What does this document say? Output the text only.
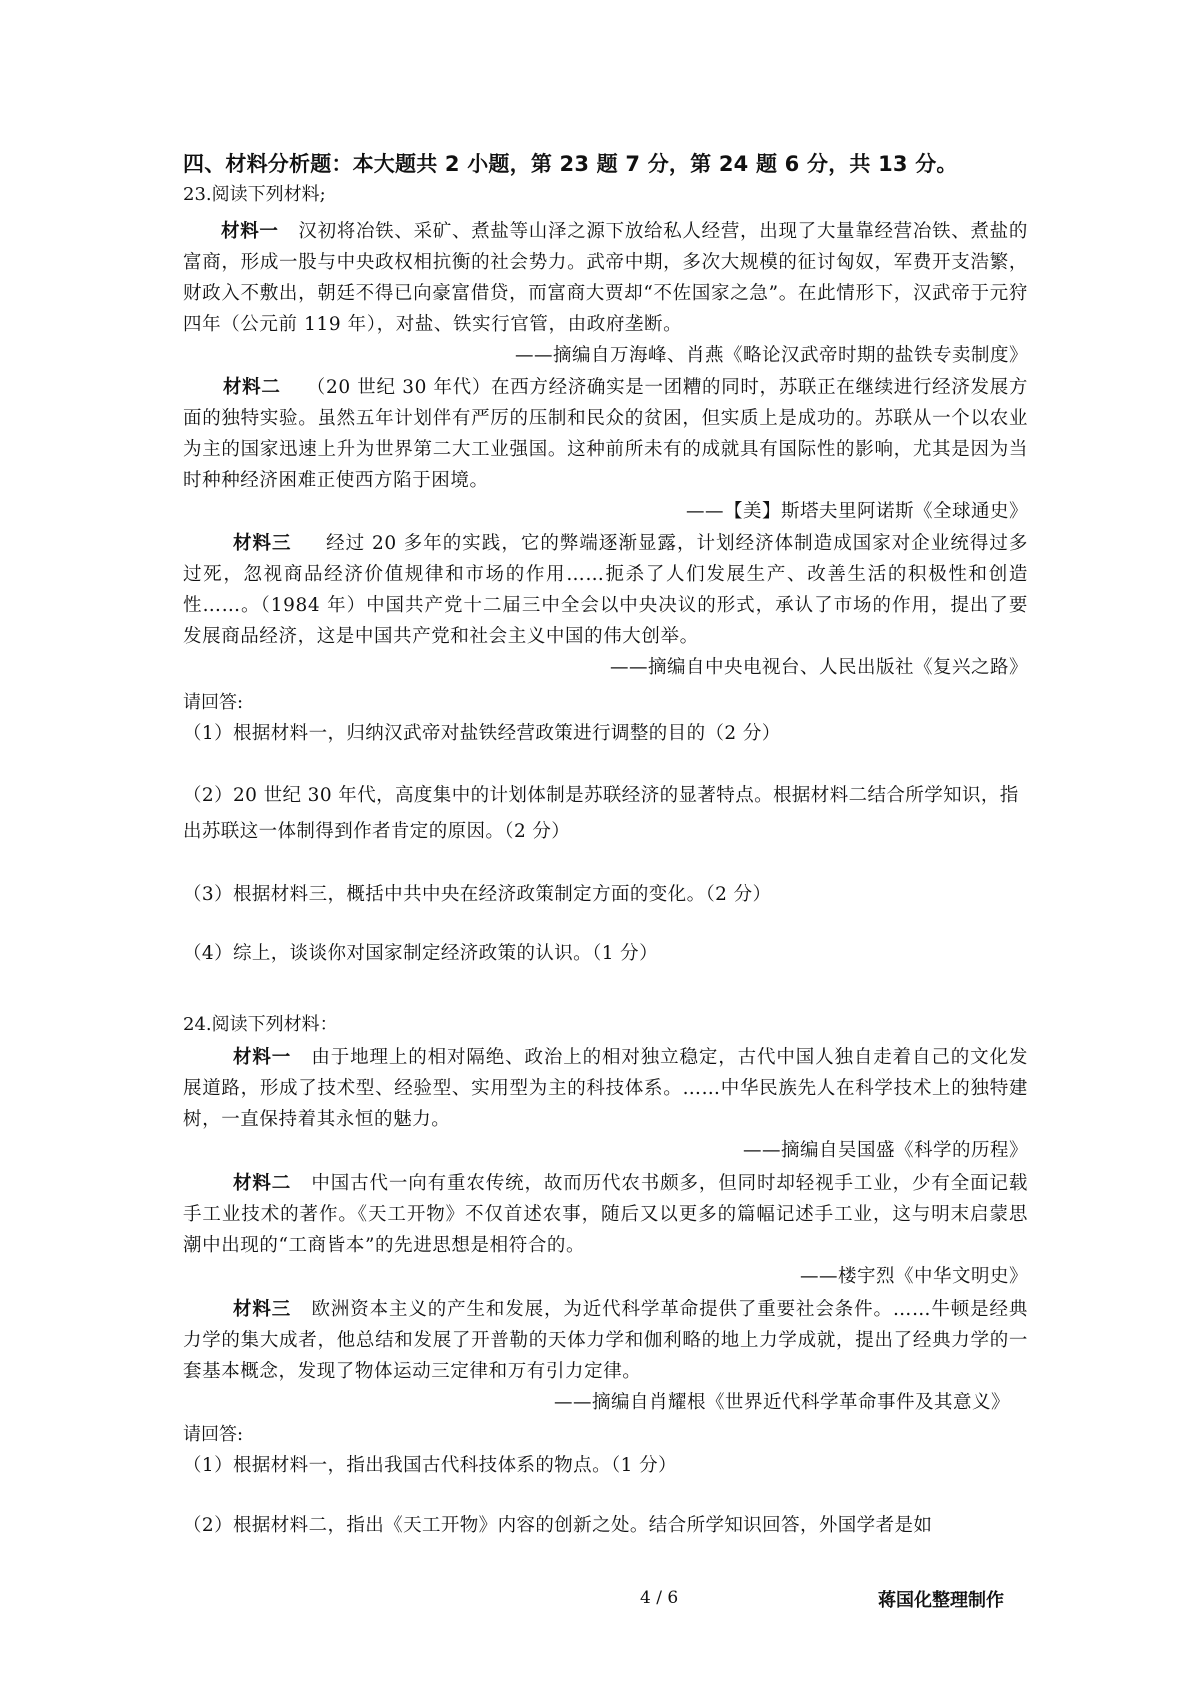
四、材料分析题：本大题共 2 小题，第 23 题 7 分，第 24 题 6 分，共 13 分。
23.阅读下列材料;
材料一 汉初将冶铁、采矿、煮盐等山泽之源下放给私人经营，出现了大量靠经营冶铁、煮盐的富商，形成一股与中央政权相抗衡的社会势力。武帝中期，多次大规模的征讨匈奴，军费开支浩繁，财政入不敷出，朝廷不得已向豪富借贷，而富商大贾却“不佐国家之急”。在此情形下，汉武帝于元狩四年（公元前 119 年），对盐、铁实行官管，由政府垄断。
——摘编自万海峰、肖燕《略论汉武帝时期的盐铁专卖制度》
材料二 （20 世纪 30 年代）在西方经济确实是一团糟的同时，苏联正在继续进行经济发展方面的独特实验。虽然五年计划伴有严厉的压制和民众的贫困，但实质上是成功的。苏联从一个以农业为主的国家迅速上升为世界第二大工业强国。这种前所未有的成就具有国际性的影响，尤其是因为当时种种经济困难正使西方陷于困境。
——【美】斯塔夫里阿诺斯《全球通史》
材料三 经过 20 多年的实践，它的弊端逐渐显露，计划经济体制造成国家对企业统得过多过死，忽视商品经济价值规律和市场的作用……扼杀了人们发展生产、改善生活的积极性和创造性……。（1984 年）中国共产党十二届三中全会以中央决议的形式，承认了市场的作用，提出了要发展商品经济，这是中国共产党和社会主义中国的伟大创举。
——摘编自中央电视台、人民出版社《复兴之路》
请回答:
（1）根据材料一，归纳汉武帝对盐铁经营政策进行调整的目的（2 分）
（2）20 世纪 30 年代，高度集中的计划体制是苏联经济的显著特点。根据材料二结合所学知识，指出苏联这一体制得到作者肯定的原因。（2 分）
（3）根据材料三，概括中共中央在经济政策制定方面的变化。（2 分）
（4）综上，谈谈你对国家制定经济政策的认识。（1 分）
24.阅读下列材料：
材料一 由于地理上的相对隔绝、政治上的相对独立稳定，古代中国人独自走着自己的文化发展道路，形成了技术型、经验型、实用型为主的科技体系。……中华民族先人在科学技术上的独特建树，一直保持着其永恒的魅力。
——摘编自吴国盛《科学的历程》
材料二 中国古代一向有重农传统，故而历代农书颇多，但同时却轻视手工业，少有全面记载手工业技术的著作。《天工开物》不仅首述农事，随后又以更多的篇幅记述手工业，这与明末启蒙思潮中出现的“工商皆本”的先进思想是相符合的。
——楼宇烈《中华文明史》
材料三 欧洲资本主义的产生和发展，为近代科学革命提供了重要社会条件。……牛顿是经典力学的集大成者，他总结和发展了开普勒的天体力学和伽利略的地上力学成就，提出了经典力学的一套基本概念，发现了物体运动三定律和万有引力定律。
——摘编自肖耀根《世界近代科学革命事件及其意义》
请回答:
（1）根据材料一，指出我国古代科技体系的物点。（1 分）
（2）根据材料二，指出《天工开物》内容的创新之处。结合所学知识回答，外国学者是如
4 / 6	蒋国化整理制作
